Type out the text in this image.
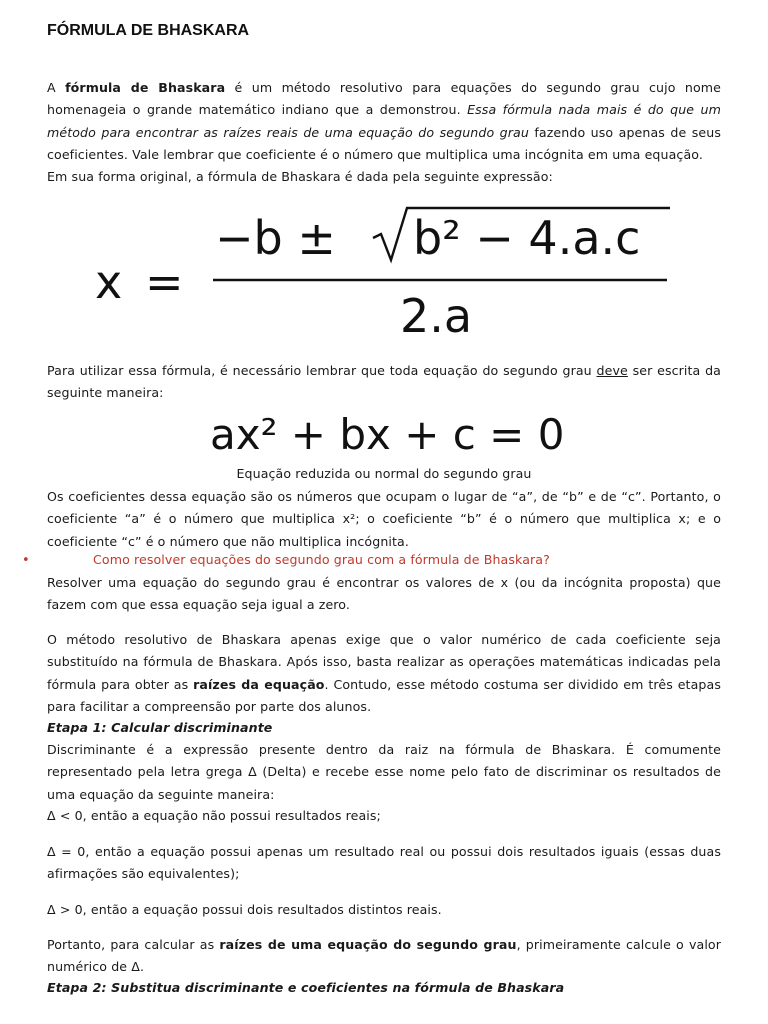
FÓRMULA DE BHASKARA
A fórmula de Bhaskara é um método resolutivo para equações do segundo grau cujo nome homenageia o grande matemático indiano que a demonstrou. Essa fórmula nada mais é do que um método para encontrar as raízes reais de uma equação do segundo grau fazendo uso apenas de seus coeficientes. Vale lembrar que coeficiente é o número que multiplica uma incógnita em uma equação.
Em sua forma original, a fórmula de Bhaskara é dada pela seguinte expressão:
x =
−b ± b² − 4.a.c
2.a
Para utilizar essa fórmula, é necessário lembrar que toda equação do segundo grau deve ser escrita da seguinte maneira:
ax² + bx + c = 0
Equação reduzida ou normal do segundo grau
Os coeficientes dessa equação são os números que ocupam o lugar de “a”, de “b” e de “c”. Portanto, o coeficiente “a” é o número que multiplica x²; o coeficiente “b” é o número que multiplica x; e o coeficiente “c” é o número que não multiplica incógnita.
•	Como resolver equações do segundo grau com a fórmula de Bhaskara?
Resolver uma equação do segundo grau é encontrar os valores de x (ou da incógnita proposta) que fazem com que essa equação seja igual a zero.
O método resolutivo de Bhaskara apenas exige que o valor numérico de cada coeficiente seja substituído na fórmula de Bhaskara. Após isso, basta realizar as operações matemáticas indicadas pela fórmula para obter as raízes da equação. Contudo, esse método costuma ser dividido em três etapas para facilitar a compreensão por parte dos alunos.
Etapa 1: Calcular discriminante
Discriminante é a expressão presente dentro da raiz na fórmula de Bhaskara. É comumente representado pela letra grega Δ (Delta) e recebe esse nome pelo fato de discriminar os resultados de uma equação da seguinte maneira:
Δ < 0, então a equação não possui resultados reais;
Δ = 0, então a equação possui apenas um resultado real ou possui dois resultados iguais (essas duas afirmações são equivalentes);
Δ > 0, então a equação possui dois resultados distintos reais.
Portanto, para calcular as raízes de uma equação do segundo grau, primeiramente calcule o valor numérico de Δ.
Etapa 2: Substitua discriminante e coeficientes na fórmula de Bhaskara
